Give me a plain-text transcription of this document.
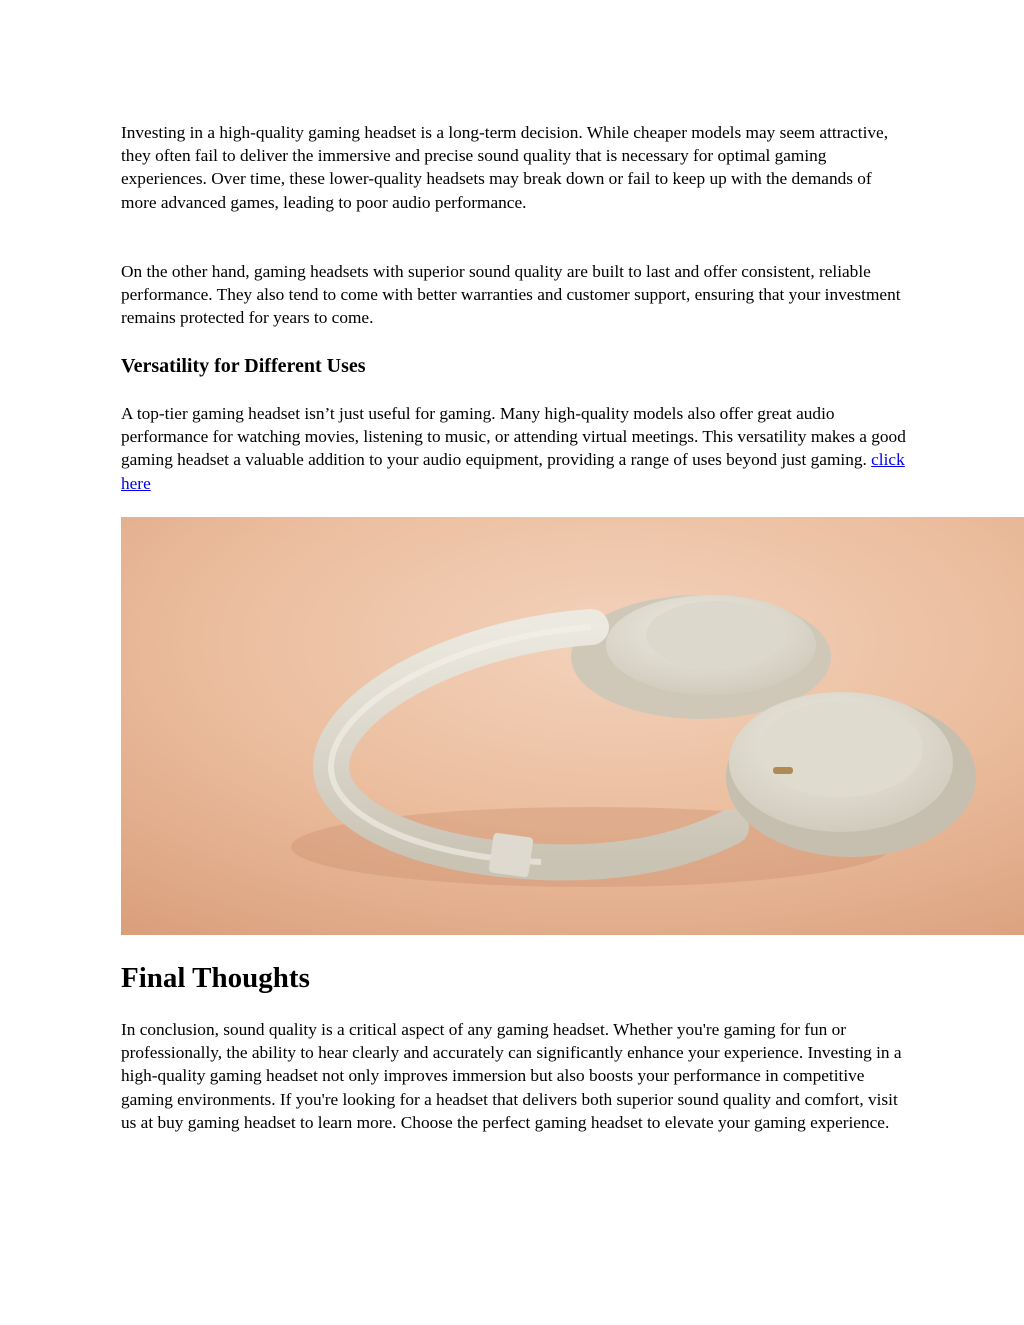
Investing in a high-quality gaming headset is a long-term decision. While cheaper models may seem attractive, they often fail to deliver the immersive and precise sound quality that is necessary for optimal gaming experiences. Over time, these lower-quality headsets may break down or fail to keep up with the demands of more advanced games, leading to poor audio performance.

On the other hand, gaming headsets with superior sound quality are built to last and offer consistent, reliable performance. They also tend to come with better warranties and customer support, ensuring that your investment remains protected for years to come.

Versatility for Different Uses

A top-tier gaming headset isn’t just useful for gaming. Many high-quality models also offer great audio performance for watching movies, listening to music, or attending virtual meetings. This versatility makes a good gaming headset a valuable addition to your audio equipment, providing a range of uses beyond just gaming. click here

Final Thoughts

In conclusion, sound quality is a critical aspect of any gaming headset. Whether you're gaming for fun or professionally, the ability to hear clearly and accurately can significantly enhance your experience. Investing in a high-quality gaming headset not only improves immersion but also boosts your performance in competitive gaming environments. If you're looking for a headset that delivers both superior sound quality and comfort, visit us at buy gaming headset to learn more. Choose the perfect gaming headset to elevate your gaming experience.
